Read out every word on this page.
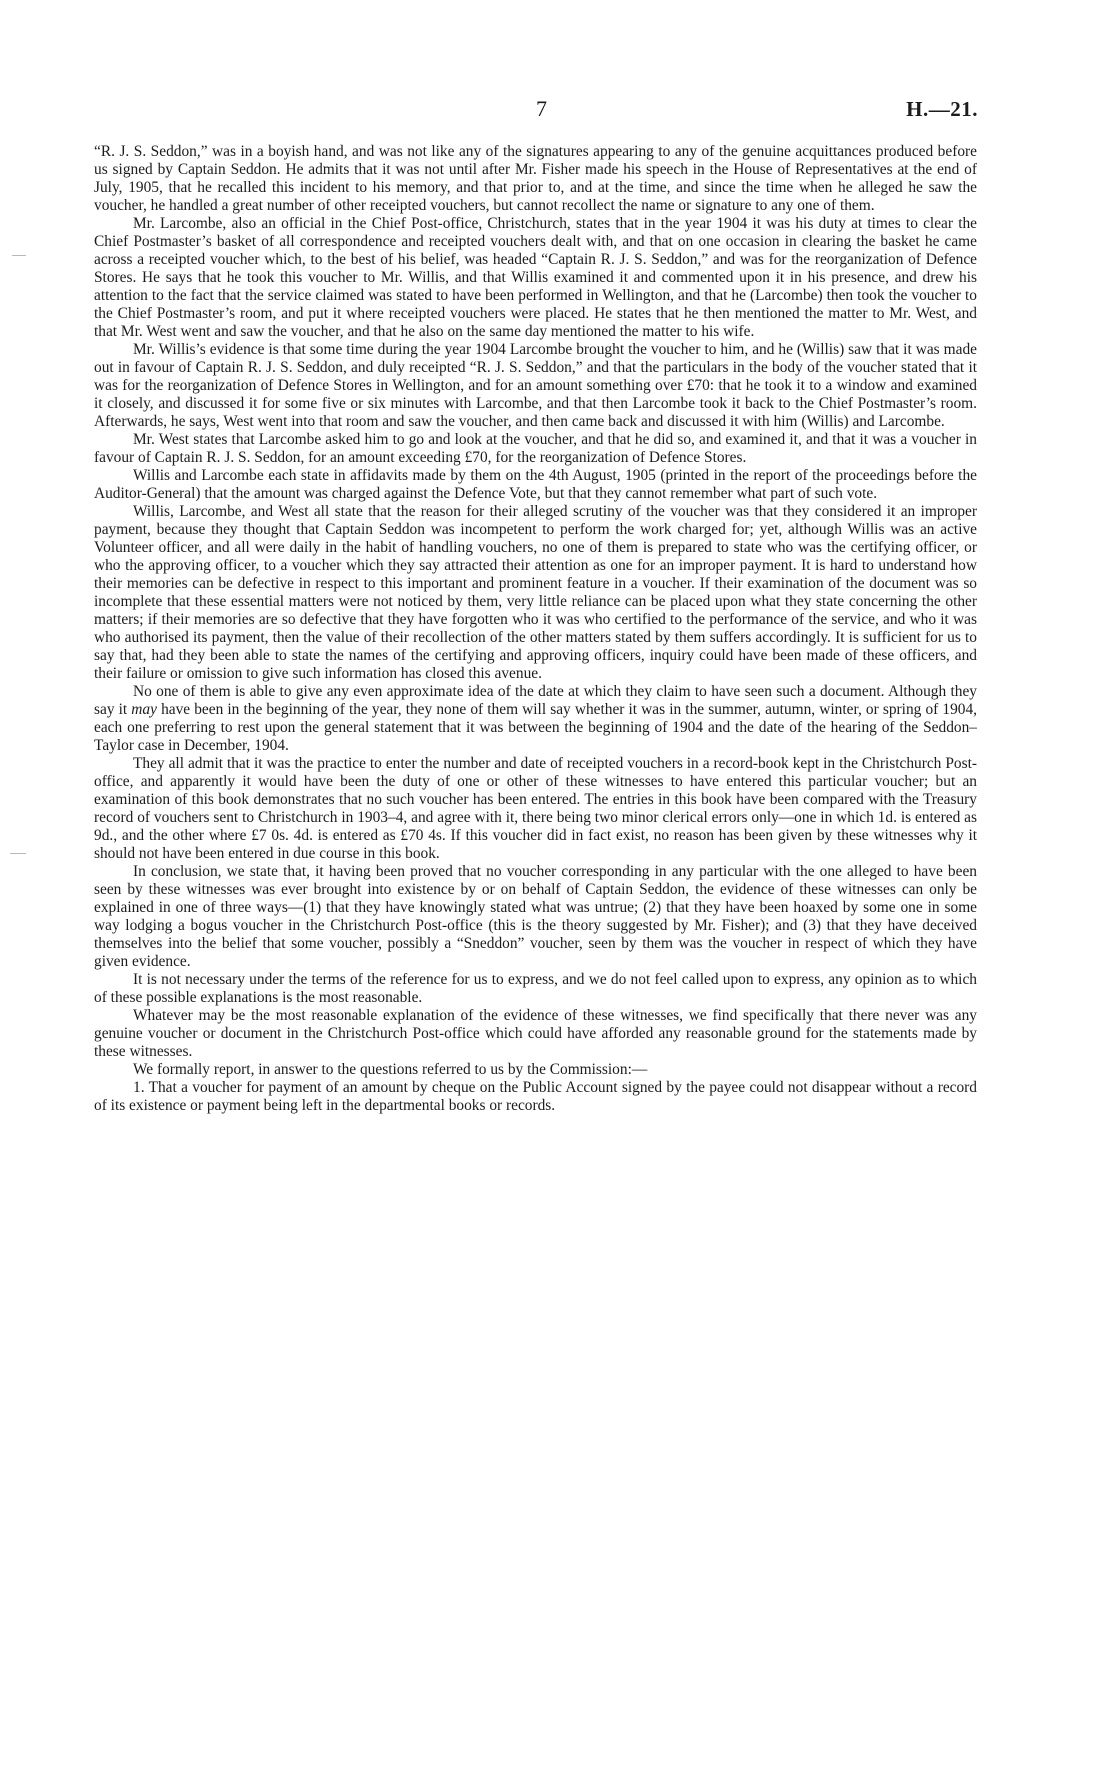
7	H.—21.

“R. J. S. Seddon,” was in a boyish hand, and was not like any of the signatures appearing to any of the genuine acquittances produced before us signed by Captain Seddon. He admits that it was not until after Mr. Fisher made his speech in the House of Representatives at the end of July, 1905, that he recalled this incident to his memory, and that prior to, and at the time, and since the time when he alleged he saw the voucher, he handled a great number of other receipted vouchers, but cannot recollect the name or signature to any one of them.

Mr. Larcombe, also an official in the Chief Post-office, Christchurch, states that in the year 1904 it was his duty at times to clear the Chief Postmaster’s basket of all correspondence and receipted vouchers dealt with, and that on one occasion in clearing the basket he came across a receipted voucher which, to the best of his belief, was headed “Captain R. J. S. Seddon,” and was for the reorganization of Defence Stores. He says that he took this voucher to Mr. Willis, and that Willis examined it and commented upon it in his presence, and drew his attention to the fact that the service claimed was stated to have been performed in Wellington, and that he (Larcombe) then took the voucher to the Chief Postmaster’s room, and put it where receipted vouchers were placed. He states that he then mentioned the matter to Mr. West, and that Mr. West went and saw the voucher, and that he also on the same day mentioned the matter to his wife.

Mr. Willis’s evidence is that some time during the year 1904 Larcombe brought the voucher to him, and he (Willis) saw that it was made out in favour of Captain R. J. S. Seddon, and duly receipted “R. J. S. Seddon,” and that the particulars in the body of the voucher stated that it was for the reorganization of Defence Stores in Wellington, and for an amount something over £70: that he took it to a window and examined it closely, and discussed it for some five or six minutes with Larcombe, and that then Larcombe took it back to the Chief Postmaster’s room. Afterwards, he says, West went into that room and saw the voucher, and then came back and discussed it with him (Willis) and Larcombe.

Mr. West states that Larcombe asked him to go and look at the voucher, and that he did so, and examined it, and that it was a voucher in favour of Captain R. J. S. Seddon, for an amount exceeding £70, for the reorganization of Defence Stores.

Willis and Larcombe each state in affidavits made by them on the 4th August, 1905 (printed in the report of the proceedings before the Auditor-General) that the amount was charged against the Defence Vote, but that they cannot remember what part of such vote.

Willis, Larcombe, and West all state that the reason for their alleged scrutiny of the voucher was that they considered it an improper payment, because they thought that Captain Seddon was incompetent to perform the work charged for; yet, although Willis was an active Volunteer officer, and all were daily in the habit of handling vouchers, no one of them is prepared to state who was the certifying officer, or who the approving officer, to a voucher which they say attracted their attention as one for an improper payment. It is hard to understand how their memories can be defective in respect to this important and prominent feature in a voucher. If their examination of the document was so incomplete that these essential matters were not noticed by them, very little reliance can be placed upon what they state concerning the other matters; if their memories are so defective that they have forgotten who it was who certified to the performance of the service, and who it was who authorised its payment, then the value of their recollection of the other matters stated by them suffers accordingly. It is sufficient for us to say that, had they been able to state the names of the certifying and approving officers, inquiry could have been made of these officers, and their failure or omission to give such information has closed this avenue.

No one of them is able to give any even approximate idea of the date at which they claim to have seen such a document. Although they say it may have been in the beginning of the year, they none of them will say whether it was in the summer, autumn, winter, or spring of 1904, each one preferring to rest upon the general statement that it was between the beginning of 1904 and the date of the hearing of the Seddon–Taylor case in December, 1904.

They all admit that it was the practice to enter the number and date of receipted vouchers in a record-book kept in the Christchurch Post-office, and apparently it would have been the duty of one or other of these witnesses to have entered this particular voucher; but an examination of this book demonstrates that no such voucher has been entered. The entries in this book have been compared with the Treasury record of vouchers sent to Christchurch in 1903–4, and agree with it, there being two minor clerical errors only—one in which 1d. is entered as 9d., and the other where £7 0s. 4d. is entered as £70 4s. If this voucher did in fact exist, no reason has been given by these witnesses why it should not have been entered in due course in this book.

In conclusion, we state that, it having been proved that no voucher corresponding in any particular with the one alleged to have been seen by these witnesses was ever brought into existence by or on behalf of Captain Seddon, the evidence of these witnesses can only be explained in one of three ways—(1) that they have knowingly stated what was untrue; (2) that they have been hoaxed by some one in some way lodging a bogus voucher in the Christchurch Post-office (this is the theory suggested by Mr. Fisher); and (3) that they have deceived themselves into the belief that some voucher, possibly a “Sneddon” voucher, seen by them was the voucher in respect of which they have given evidence.

It is not necessary under the terms of the reference for us to express, and we do not feel called upon to express, any opinion as to which of these possible explanations is the most reasonable.

Whatever may be the most reasonable explanation of the evidence of these witnesses, we find specifically that there never was any genuine voucher or document in the Christchurch Post-office which could have afforded any reasonable ground for the statements made by these witnesses.

We formally report, in answer to the questions referred to us by the Commission:—

1. That a voucher for payment of an amount by cheque on the Public Account signed by the payee could not disappear without a record of its existence or payment being left in the departmental books or records.
